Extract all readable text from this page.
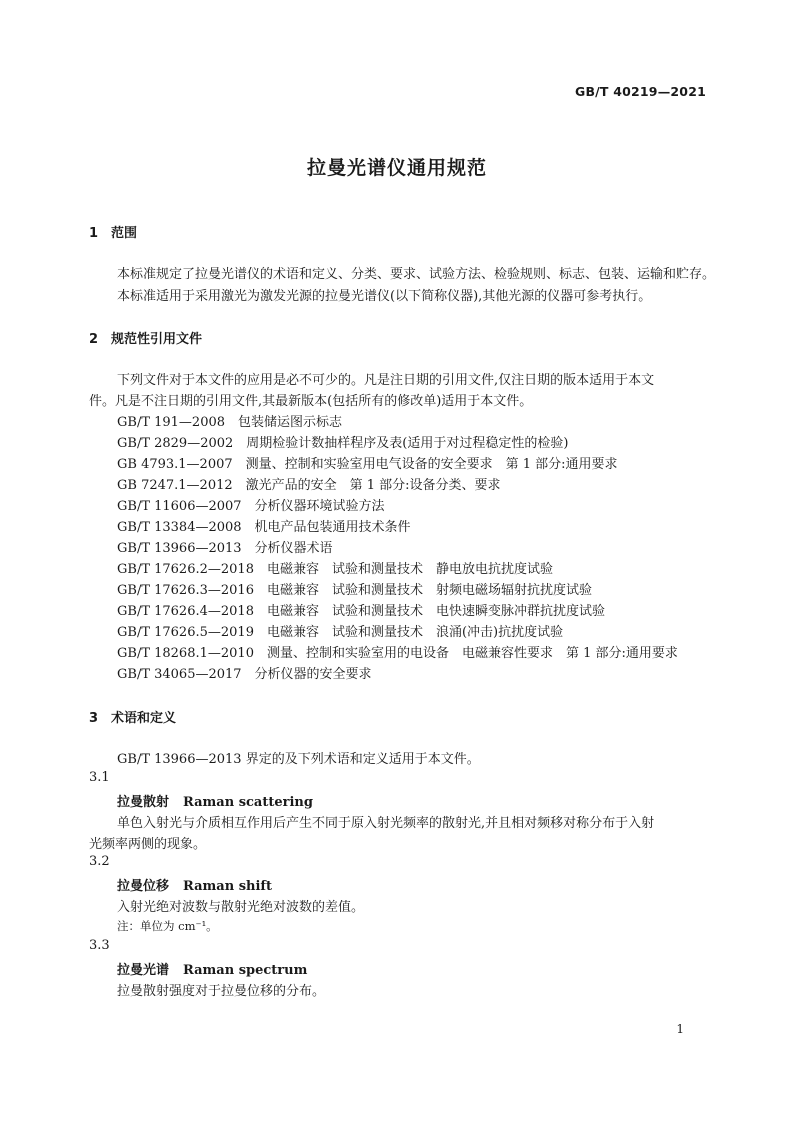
GB/T 40219—2021
拉曼光谱仪通用规范
1 范围
本标准规定了拉曼光谱仪的术语和定义、分类、要求、试验方法、检验规则、标志、包装、运输和贮存。
本标准适用于采用激光为激发光源的拉曼光谱仪(以下简称仪器),其他光源的仪器可参考执行。
2 规范性引用文件
下列文件对于本文件的应用是必不可少的。凡是注日期的引用文件,仅注日期的版本适用于本文
件。凡是不注日期的引用文件,其最新版本(包括所有的修改单)适用于本文件。
GB/T 191—2008　包装储运图示标志
GB/T 2829—2002　周期检验计数抽样程序及表(适用于对过程稳定性的检验)
GB 4793.1—2007　测量、控制和实验室用电气设备的安全要求　第 1 部分:通用要求
GB 7247.1—2012　激光产品的安全　第 1 部分:设备分类、要求
GB/T 11606—2007　分析仪器环境试验方法
GB/T 13384—2008　机电产品包装通用技术条件
GB/T 13966—2013　分析仪器术语
GB/T 17626.2—2018　电磁兼容　试验和测量技术　静电放电抗扰度试验
GB/T 17626.3—2016　电磁兼容　试验和测量技术　射频电磁场辐射抗扰度试验
GB/T 17626.4—2018　电磁兼容　试验和测量技术　电快速瞬变脉冲群抗扰度试验
GB/T 17626.5—2019　电磁兼容　试验和测量技术　浪涌(冲击)抗扰度试验
GB/T 18268.1—2010　测量、控制和实验室用的电设备　电磁兼容性要求　第 1 部分:通用要求
GB/T 34065—2017　分析仪器的安全要求
3 术语和定义
GB/T 13966—2013 界定的及下列术语和定义适用于本文件。
3.1
拉曼散射 Raman scattering
单色入射光与介质相互作用后产生不同于原入射光频率的散射光,并且相对频移对称分布于入射
光频率两侧的现象。
3.2
拉曼位移 Raman shift
入射光绝对波数与散射光绝对波数的差值。
注：单位为 cm⁻¹。
3.3
拉曼光谱 Raman spectrum
拉曼散射强度对于拉曼位移的分布。
1
